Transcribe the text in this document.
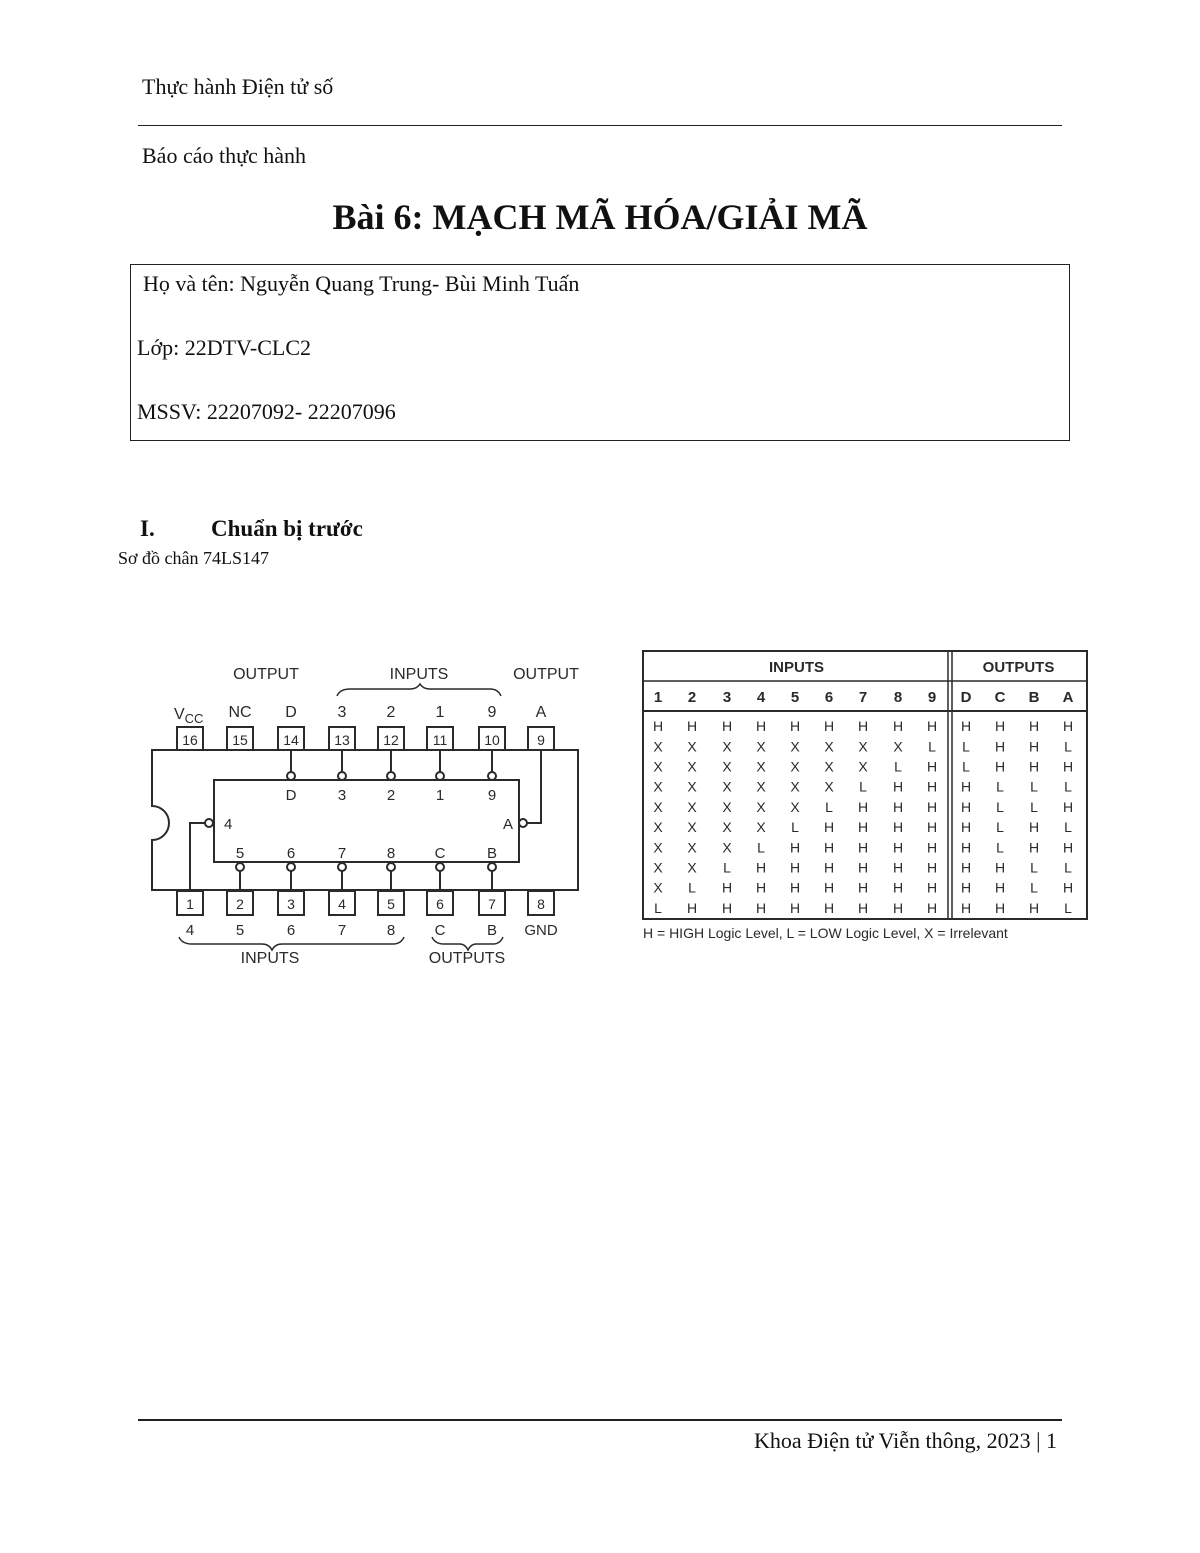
Thực hành Điện tử số
Báo cáo thực hành
Bài 6: MẠCH MÃ HÓA/GIẢI MÃ
Họ và tên: Nguyễn Quang Trung- Bùi Minh Tuấn
Lớp: 22DTV-CLC2
MSSV: 22207092- 22207096
I. Chuẩn bị trước
Sơ đồ chân 74LS147
16
$V_{CC}$
15
NC
14
D
D
13
3
3
12
2
2
11
1
1
10
9
9
9
A
1
4
2
5
5
3
6
6
4
7
7
5
8
8
6
C
C
7
B
B
8
GND
4	A
OUTPUT	INPUTS	OUTPUT
INPUTS	OUTPUTS
INPUTS	OUTPUTS
1 2 3 4 5 6 7 8 9 D C B A
H H H H H H H H H H H H H
X X X X X X X X L L H H L
X X X X X X X L H L H H H
X X X X X X L H H H L L L
X X X X X L H H H H L L H
X X X X L H H H H H L H L
X X X L H H H H H H L H H
X X L H H H H H H H H L L
X L H H H H H H H H H L H
L H H H H H H H H H H H L
H = HIGH Logic Level, L = LOW Logic Level, X = Irrelevant
Khoa Điện tử Viễn thông, 2023 | 1
